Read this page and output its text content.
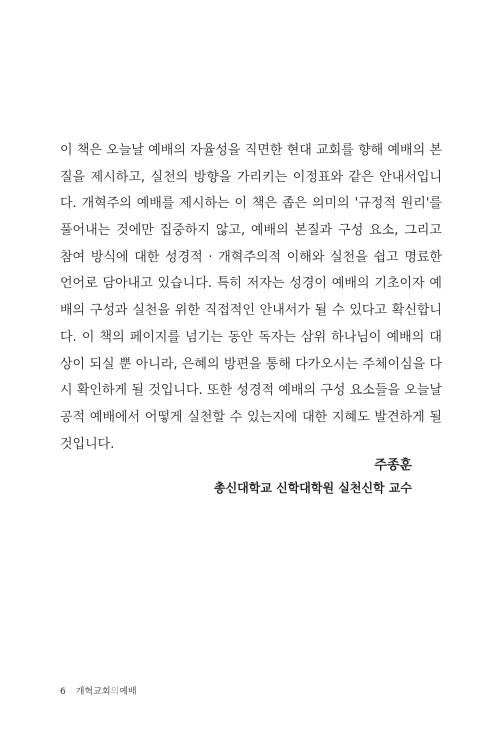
이 책은 오늘날 예배의 자율성을 직면한 현대 교회를 향해 예배의 본
질을 제시하고, 실천의 방향을 가리키는 이정표와 같은 안내서입니
다. 개혁주의 예배를 제시하는 이 책은 좁은 의미의 '규정적 원리'를
풀어내는 것에만 집중하지 않고, 예배의 본질과 구성 요소, 그리고
참여 방식에 대한 성경적 · 개혁주의적 이해와 실천을 쉽고 명료한
언어로 담아내고 있습니다. 특히 저자는 성경이 예배의 기초이자 예
배의 구성과 실천을 위한 직접적인 안내서가 될 수 있다고 확신합니
다. 이 책의 페이지를 넘기는 동안 독자는 삼위 하나님이 예배의 대
상이 되실 뿐 아니라, 은혜의 방편을 통해 다가오시는 주체이심을 다
시 확인하게 될 것입니다. 또한 성경적 예배의 구성 요소들을 오늘날
공적 예배에서 어떻게 실천할 수 있는지에 대한 지혜도 발견하게 될
것입니다.
주종훈
총신대학교 신학대학원 실천신학 교수
6 개혁교회의예배
